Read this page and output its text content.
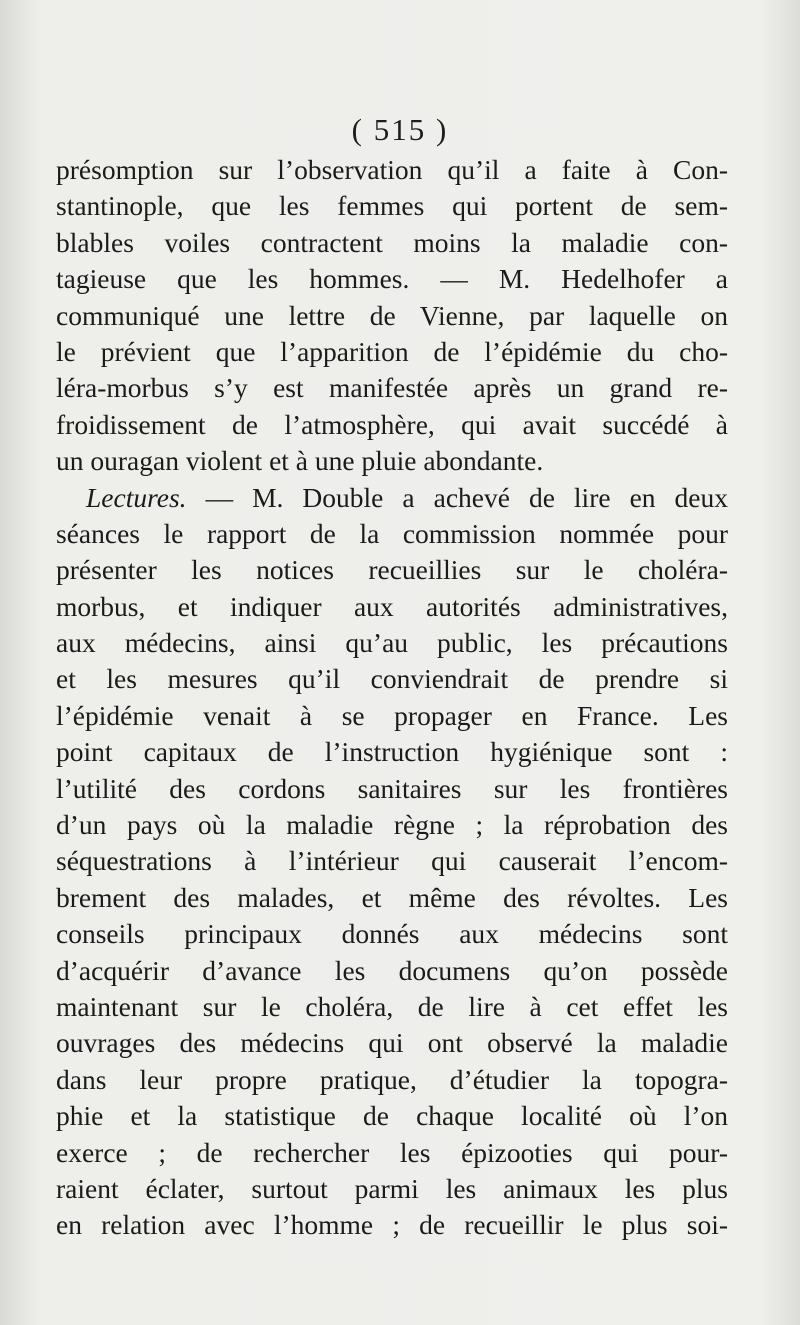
( 515 )
présomption sur l’observation qu’il a faite à Con-
stantinople, que les femmes qui portent de sem-
blables voiles contractent moins la maladie con-
tagieuse que les hommes. — M. Hedelhofer a
communiqué une lettre de Vienne, par laquelle on
le prévient que l’apparition de l’épidémie du cho-
léra-morbus s’y est manifestée après un grand re-
froidissement de l’atmosphère, qui avait succédé à
un ouragan violent et à une pluie abondante.
Lectures. — M. Double a achevé de lire en deux
séances le rapport de la commission nommée pour
présenter les notices recueillies sur le choléra-
morbus, et indiquer aux autorités administratives,
aux médecins, ainsi qu’au public, les précautions
et les mesures qu’il conviendrait de prendre si
l’épidémie venait à se propager en France. Les
point capitaux de l’instruction hygiénique sont :
l’utilité des cordons sanitaires sur les frontières
d’un pays où la maladie règne ; la réprobation des
séquestrations à l’intérieur qui causerait l’encom-
brement des malades, et même des révoltes. Les
conseils principaux donnés aux médecins sont
d’acquérir d’avance les documens qu’on possède
maintenant sur le choléra, de lire à cet effet les
ouvrages des médecins qui ont observé la maladie
dans leur propre pratique, d’étudier la topogra-
phie et la statistique de chaque localité où l’on
exerce ; de rechercher les épizooties qui pour-
raient éclater, surtout parmi les animaux les plus
en relation avec l’homme ; de recueillir le plus soi-
